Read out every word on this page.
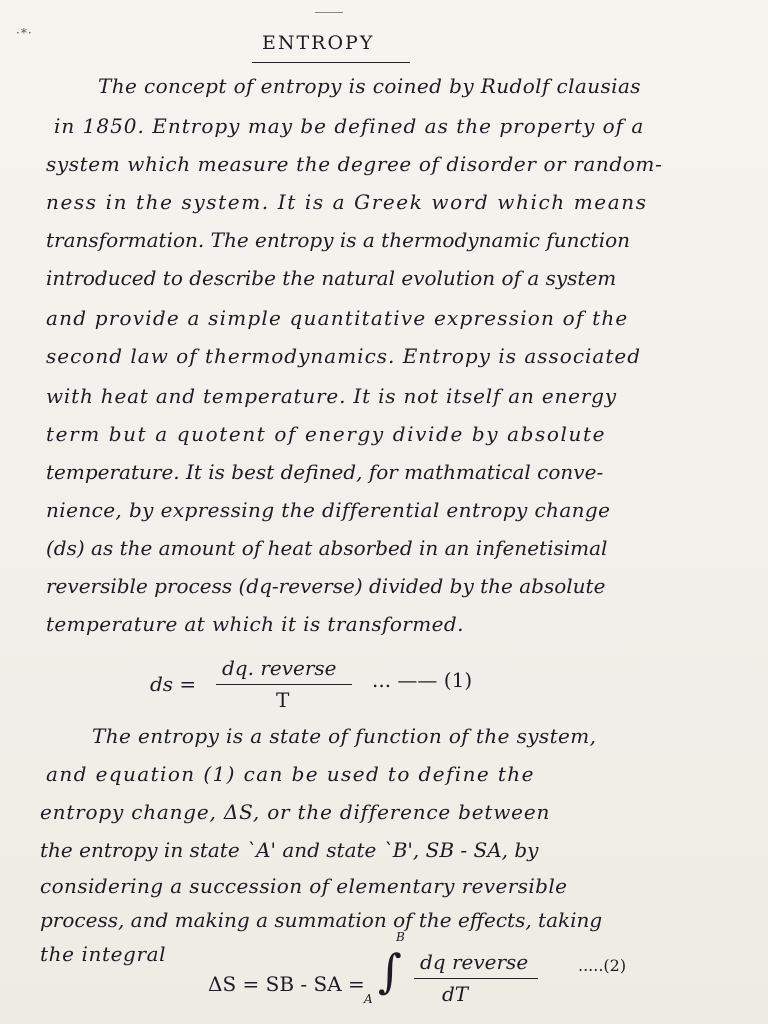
·*·	ENTROPY
The concept of entropy is coined by Rudolf clausias
in 1850. Entropy may be defined as the property of a
system which measure the degree of disorder or random-
ness in the system. It is a Greek word which means
transformation. The entropy is a thermodynamic function
introduced to describe the natural evolution of a system
and provide a simple quantitative expression of the
second law of thermodynamics. Entropy is associated
with heat and temperature. It is not itself an energy
term but a quotent of energy divide by absolute
temperature. It is best defined, for mathmatical conve-
nience, by expressing the differential entropy change
(ds) as the amount of heat absorbed in an infenetisimal
reversible process (dq-reverse) divided by the absolute
temperature at which it is transformed.
ds =
dq. reverse
T
... —— (1)
The entropy is a state of function of the system,
and equation (1) can be used to define the
entropy change, ΔS, or the difference between
the entropy in state `A' and state `B', SB - SA, by
considering a succession of elementary reversible
process, and making a summation of the effects, taking
the integral
ΔS = SB - SA = ∫
B
A
dq reverse
dT
.....(2)
